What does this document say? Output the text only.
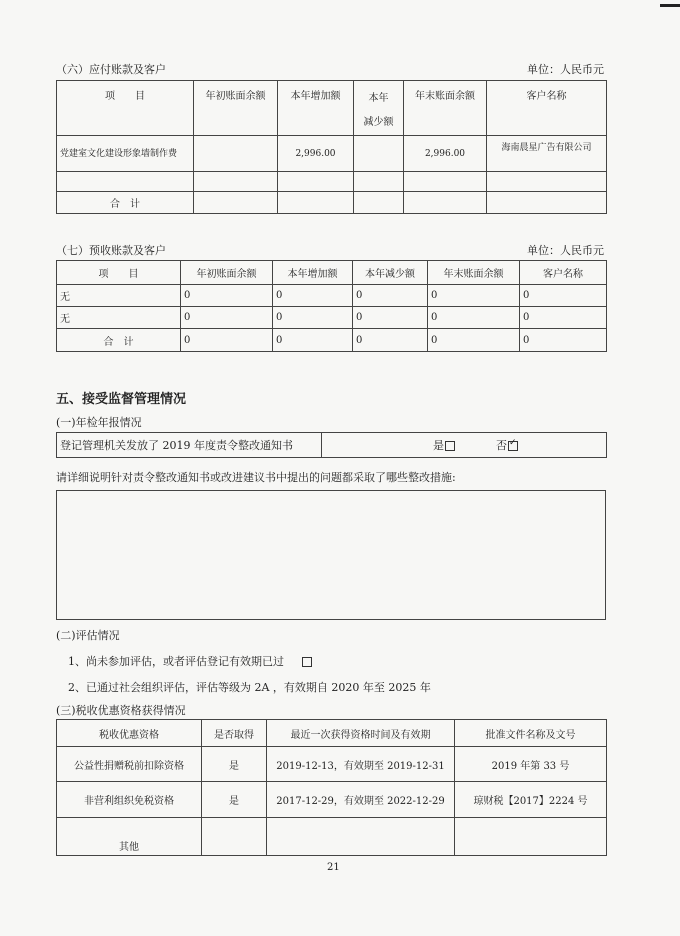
（六）应付账款及客户	单位：人民币元
项　　目	年初账面余额	本年增加额	本年
减少额	年末账面余额	客户名称
党建室文化建设形象墙制作费		2,996.00		2,996.00	海南晨星广告有限公司

合　计					
（七）预收账款及客户	单位：人民币元
项　　目	年初账面余额	本年增加额	本年减少额	年末账面余额	客户名称
无	0	0	0	0	0
无	0	0	0	0	0
合　计	0	0	0	0	0
五、接受监督管理情况
(一)年检年报情况
登记管理机关发放了 2019 年度责令整改通知书	是	否✓
请详细说明针对责令整改通知书或改进建议书中提出的问题都采取了哪些整改措施:
(二)评估情况
1、尚未参加评估，或者评估登记有效期已过
2、已通过社会组织评估，评估等级为 2A ，有效期自 2020 年至 2025 年
(三)税收优惠资格获得情况
税收优惠资格	是否取得	最近一次获得资格时间及有效期	批准文件名称及文号
公益性捐赠税前扣除资格	是	2019-12-13，有效期至 2019-12-31	2019 年第 33 号
非营利组织免税资格	是	2017-12-29，有效期至 2022-12-29	琼财税【2017】2224 号
其他			
21
